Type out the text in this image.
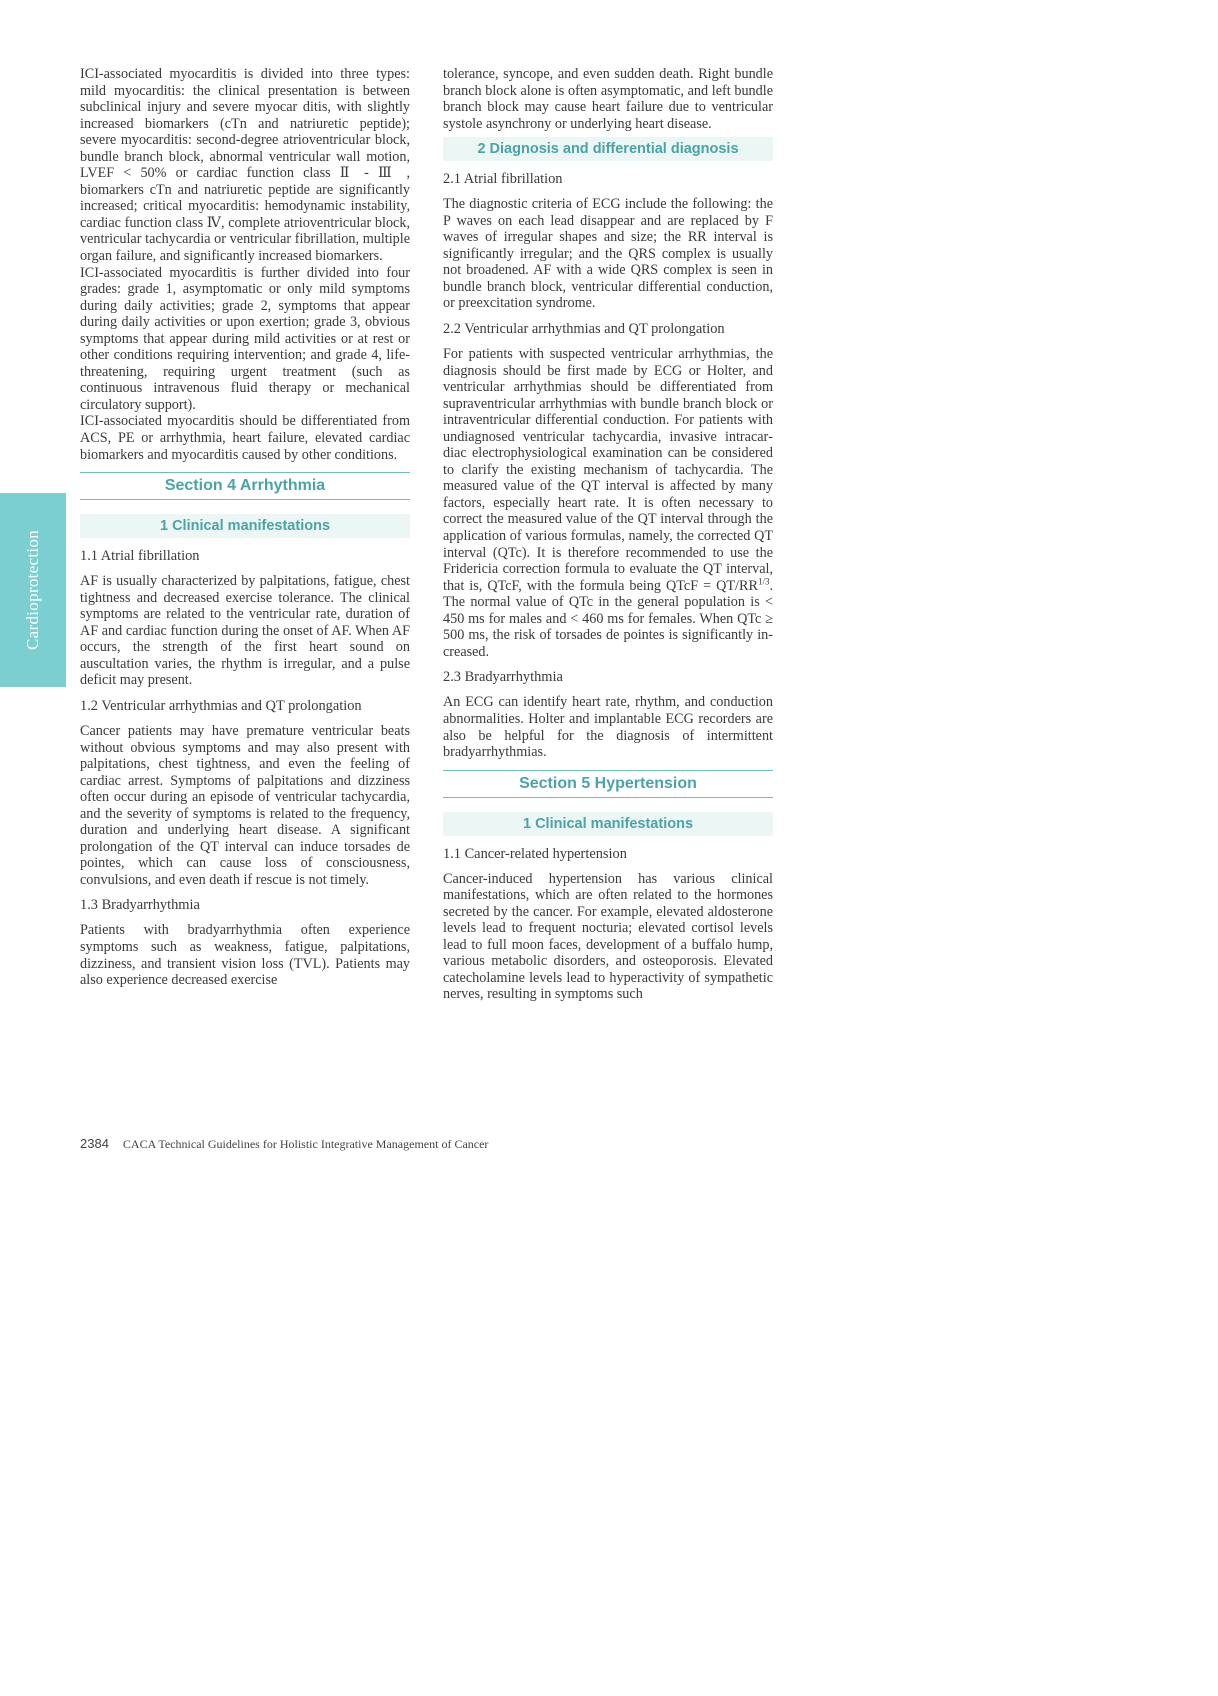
Cardioprotection

ICI-associated myocarditis is divided into three types: mild myocarditis: the clinical presentation is between subclinical injury and severe myocar ditis, with slightly increased biomarkers (cTn and natriuretic peptide); severe myocarditis: second-degree atrioventricular block, bundle branch block, abnormal ventricular wall motion, LVEF < 50% or cardiac function class Ⅱ - Ⅲ , biomarkers cTn and natriuretic peptide are significantly increased; critical myocarditis: hemodynamic instability, cardiac function class Ⅳ, complete atrioventricular block, ventricular tachycardia or ventricular fibrillation, multiple organ failure, and significantly increased biomarkers.

ICI-associated myocarditis is further divided into four grades: grade 1, asymptomatic or only mild symptoms during daily activities; grade 2, symptoms that appear during daily activities or upon exertion; grade 3, obvious symptoms that appear during mild activities or at rest or other conditions requiring intervention; and grade 4, life-threatening, requiring urgent treatment (such as continuous intravenous fluid therapy or mechanical circulatory support).

ICI-associated myocarditis should be differentiated from ACS, PE or arrhythmia, heart failure, elevated cardiac biomarkers and myocarditis caused by other conditions.

Section 4 Arrhythmia
1 Clinical manifestations
1.1 Atrial fibrillation

AF is usually characterized by palpitations, fatigue, chest tightness and decreased exercise tolerance. The clinical symptoms are related to the ventricular rate, duration of AF and cardiac function during the onset of AF. When AF occurs, the strength of the first heart sound on auscultation varies, the rhythm is irregular, and a pulse deficit may present.

1.2 Ventricular arrhythmias and QT prolongation

Cancer patients may have premature ventricular beats without obvious symptoms and may also present with palpitations, chest tightness, and even the feeling of cardiac arrest. Symptoms of palpitations and dizziness often occur during an episode of ventricular tachycardia, and the severity of symptoms is related to the frequency, duration and underlying heart disease. A significant prolongation of the QT interval can induce torsades de pointes, which can cause loss of consciousness, convulsions, and even death if rescue is not timely.

1.3 Bradyarrhythmia

Patients with bradyarrhythmia often experience symptoms such as weakness, fatigue, palpitations, dizziness, and transient vision loss (TVL). Patients may also experience decreased exercise

tolerance, syncope, and even sudden death. Right bundle branch block alone is often asymptomatic, and left bundle branch block may cause heart failure due to ventricular systole asynchrony or underlying heart disease.

2 Diagnosis and differential diagnosis
2.1 Atrial fibrillation

The diagnostic criteria of ECG include the following: the P waves on each lead disappear and are replaced by F waves of irregular shapes and size; the RR interval is significantly irregular; and the QRS complex is usually not broadened. AF with a wide QRS complex is seen in bundle branch block, ventricular differential conduction, or preexcitation syndrome.

2.2 Ventricular arrhythmias and QT prolongation

For patients with suspected ventricular arrhythmias, the diagnosis should be first made by ECG or Holter, and ventricular arrhythmias should be differentiated from supraventricular arrhythmias with bundle branch block or intraventricular differential conduction. For patients with undiagnosed ventricular tachycardia, invasive intracardiac electrophysiological examination can be considered to clarify the existing mechanism of tachycardia. The measured value of the QT interval is affected by many factors, especially heart rate. It is often necessary to correct the measured value of the QT interval through the application of various formulas, namely, the corrected QT interval (QTc). It is therefore recommended to use the Fridericia correction formula to evaluate the QT interval, that is, QTcF, with the formula being QTcF = $QT/RR^{1/3}$. The normal value of QTc in the general population is < 450 ms for males and < 460 ms for females. When QTc ≥ 500 ms, the risk of torsades de pointes is significantly increased.

2.3 Bradyarrhythmia

An ECG can identify heart rate, rhythm, and conduction abnormalities. Holter and implantable ECG recorders are also be helpful for the diagnosis of intermittent bradyarrhythmias.

Section 5 Hypertension
1 Clinical manifestations
1.1 Cancer-related hypertension

Cancer-induced hypertension has various clinical manifestations, which are often related to the hormones secreted by the cancer. For example, elevated aldosterone levels lead to frequent nocturia; elevated cortisol levels lead to full moon faces, development of a buffalo hump, various metabolic disorders, and osteoporosis. Elevated catecholamine levels lead to hyperactivity of sympathetic nerves, resulting in symptoms such

2384 CACA Technical Guidelines for Holistic Integrative Management of Cancer
